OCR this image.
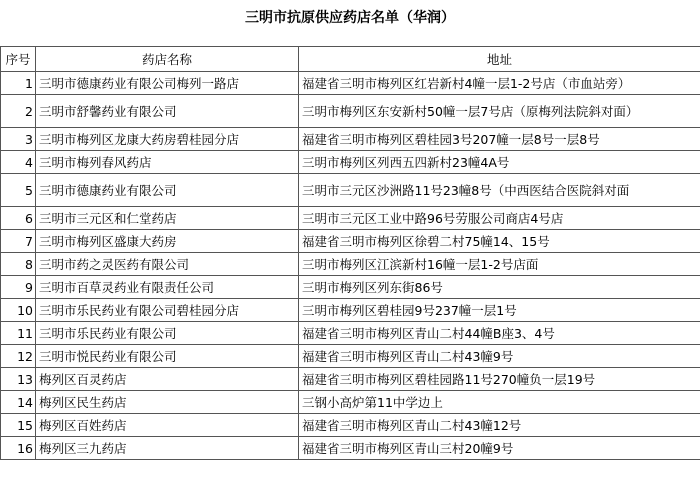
三明市抗原供应药店名单（华润）
序号	药店名称	地址
1	三明市德康药业有限公司梅列一路店	福建省三明市梅列区红岩新村4幢一层1-2号店（市血站旁）
2	三明市舒馨药业有限公司	三明市梅列区东安新村50幢一层7号店（原梅列法院斜对面）
3	三明市梅列区龙康大药房碧桂园分店	福建省三明市梅列区碧桂园3号207幢一层8号一层8号
4	三明市梅列春风药店	三明市梅列区列西五四新村23幢4A号
5	三明市德康药业有限公司	三明市三元区沙洲路11号23幢8号（中西医结合医院斜对面
6	三明市三元区和仁堂药店	三明市三元区工业中路96号劳服公司商店4号店
7	三明市梅列区盛康大药房	福建省三明市梅列区徐碧二村75幢14、15号
8	三明市药之灵医药有限公司	三明市梅列区江滨新村16幢一层1-2号店面
9	三明市百草灵药业有限责任公司	三明市梅列区列东街86号
10	三明市乐民药业有限公司碧桂园分店	三明市梅列区碧桂园9号237幢一层1号
11	三明市乐民药业有限公司	福建省三明市梅列区青山二村44幢B座3、4号
12	三明市悦民药业有限公司	福建省三明市梅列区青山二村43幢9号
13	梅列区百灵药店	福建省三明市梅列区碧桂园路11号270幢负一层19号
14	梅列区民生药店	三钢小高炉第11中学边上
15	梅列区百姓药店	福建省三明市梅列区青山二村43幢12号
16	梅列区三九药店	福建省三明市梅列区青山三村20幢9号
